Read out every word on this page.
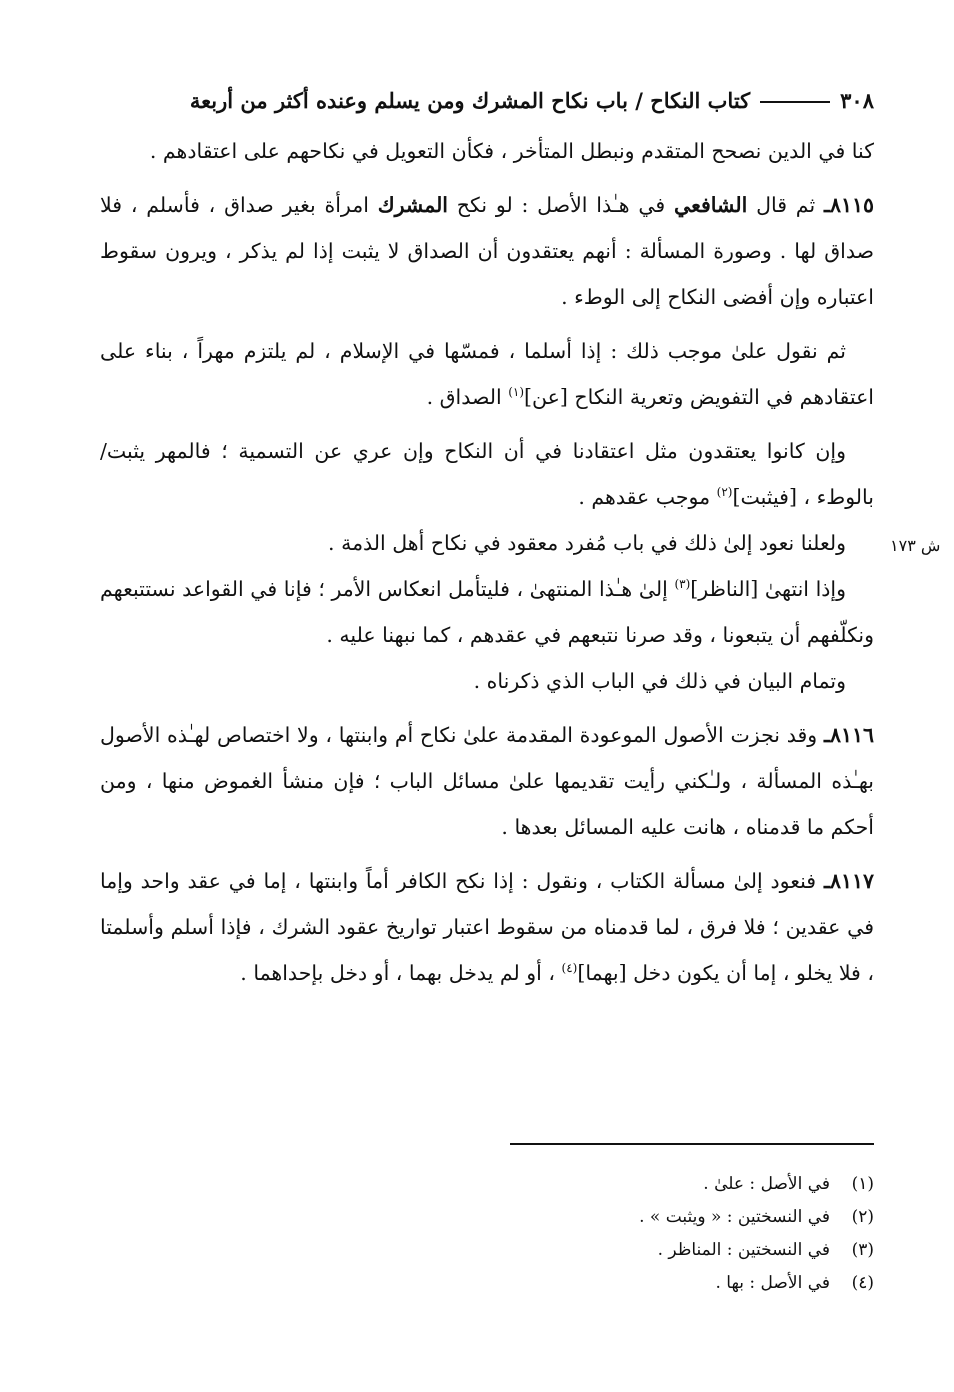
٣٠٨
كتاب النكاح / باب نكاح المشرك ومن يسلم وعنده أكثر من أربعة

كنا في الدين نصحح المتقدم ونبطل المتأخر ، فكأن التعويل في نكاحهم على اعتقادهم .

٨١١٥ـ ثم قال الشافعي في هـٰذا الأصل : لو نكح المشرك امرأة بغير صداق ، فأسلم ، فلا صداق لها . وصورة المسألة : أنهم يعتقدون أن الصداق لا يثبت إذا لم يذكر ، ويرون سقوط اعتباره وإن أفضى النكاح إلى الوطء .

ثم نقول علىٰ موجب ذلك : إذا أسلما ، فمسّها في الإسلام ، لم يلتزم مهراً ، بناء على اعتقادهم في التفويض وتعرية النكاح [عن]$^{(١)}$ الصداق .

وإن كانوا يعتقدون مثل اعتقادنا في أن النكاح وإن عري عن التسمية ؛ فالمهر يثبت/ بالوطء ، [فيثبت]$^{(٢)}$ موجب عقدهم .

ولعلنا نعود إلىٰ ذلك في باب مُفرد معقود في نكاح أهل الذمة .

وإذا انتهىٰ [الناظر]$^{(٣)}$ إلىٰ هـٰذا المنتهىٰ ، فليتأمل انعكاس الأمر ؛ فإنا في القواعد نستتبعهم ونكلّفهم أن يتبعونا ، وقد صرنا نتبعهم في عقدهم ، كما نبهنا عليه .

وتمام البيان في ذلك في الباب الذي ذكرناه .

٨١١٦ـ وقد نجزت الأصول الموعودة المقدمة علىٰ نكاح أم وابنتها ، ولا اختصاص لهـٰذه الأصول بهـٰذه المسألة ، ولـٰكني رأيت تقديمها علىٰ مسائل الباب ؛ فإن منشأ الغموض منها ، ومن أحكم ما قدمناه ، هانت عليه المسائل بعدها .

٨١١٧ـ فنعود إلىٰ مسألة الكتاب ، ونقول : إذا نكح الكافر أماً وابنتها ، إما في عقد واحد وإما في عقدين ؛ فلا فرق ، لما قدمناه من سقوط اعتبار تواريخ عقود الشرك ، فإذا أسلم وأسلمتا ، فلا يخلو ، إما أن يكون دخل [بهما]$^{(٤)}$ ، أو لم يدخل بهما ، أو دخل بإحداهما .

ش ١٧٣

(١)في الأصل : علىٰ .

(٢)في النسختين : « ويثبت » .

(٣)في النسختين : المناظر .

(٤)في الأصل : بها .
